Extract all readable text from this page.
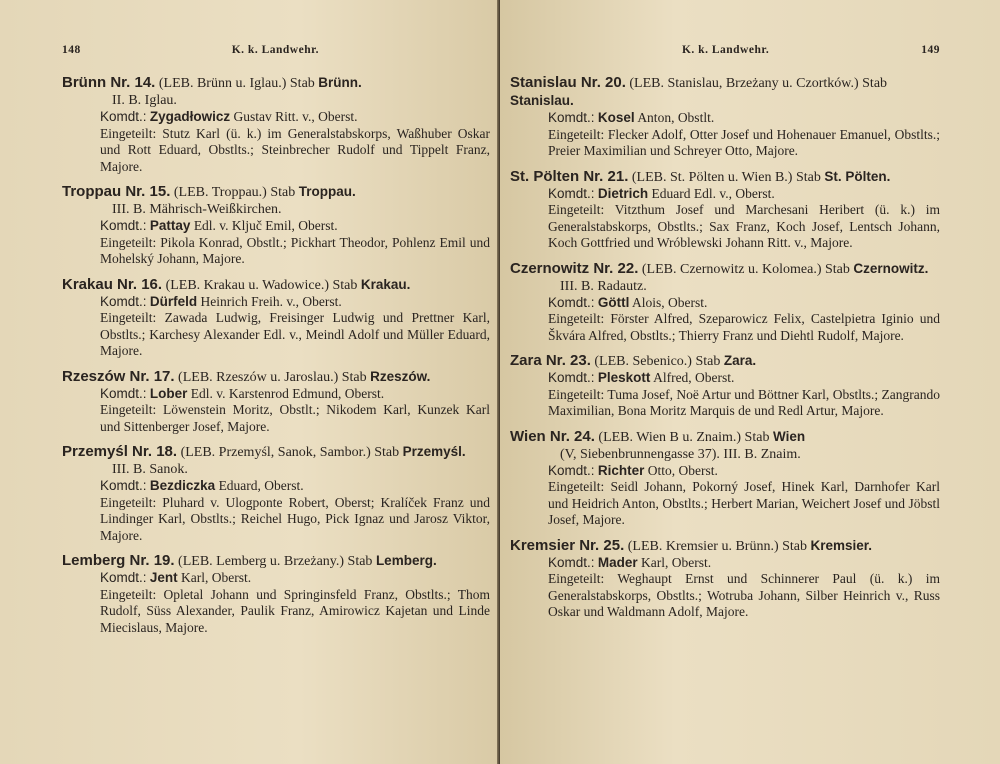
148	K. k. Landwehr.
Brünn Nr. 14. (LEB. Brünn u. Iglau.) Stab Brünn.
II. B. Iglau.
Komdt.: Zygadłowicz Gustav Ritt. v., Oberst.
Eingeteilt: Stutz Karl (ü. k.) im Generalstabskorps, Waßhuber Oskar und Rott Eduard, Obstlts.; Steinbrecher Rudolf und Tippelt Franz, Majore.
Troppau Nr. 15. (LEB. Troppau.) Stab Troppau.
III. B. Mährisch-Weißkirchen.
Komdt.: Pattay Edl. v. Ključ Emil, Oberst.
Eingeteilt: Pikola Konrad, Obstlt.; Pickhart Theodor, Pohlenz Emil und Mohelský Johann, Majore.
Krakau Nr. 16. (LEB. Krakau u. Wadowice.) Stab Krakau.
Komdt.: Dürfeld Heinrich Freih. v., Oberst.
Eingeteilt: Zawada Ludwig, Freisinger Ludwig und Prettner Karl, Obstlts.; Karchesy Alexander Edl. v., Meindl Adolf und Müller Eduard, Majore.
Rzeszów Nr. 17. (LEB. Rzeszów u. Jaroslau.) Stab Rzeszów.
Komdt.: Lober Edl. v. Karstenrod Edmund, Oberst.
Eingeteilt: Löwenstein Moritz, Obstlt.; Nikodem Karl, Kunzek Karl und Sittenberger Josef, Majore.
Przemyśl Nr. 18. (LEB. Przemyśl, Sanok, Sambor.) Stab Przemyśl.
III. B. Sanok.
Komdt.: Bezdiczka Eduard, Oberst.
Eingeteilt: Pluhard v. Ulogponte Robert, Oberst; Kralíček Franz und Lindinger Karl, Obstlts.; Reichel Hugo, Pick Ignaz und Jarosz Viktor, Majore.
Lemberg Nr. 19. (LEB. Lemberg u. Brzeżany.) Stab Lemberg.
Komdt.: Jent Karl, Oberst.
Eingeteilt: Opletal Johann und Springinsfeld Franz, Obstlts.; Thom Rudolf, Süss Alexander, Paulik Franz, Amirowicz Kajetan und Linde Miecislaus, Majore.
K. k. Landwehr.	149
Stanislau Nr. 20. (LEB. Stanislau, Brzeżany u. Czortków.) Stab Stanislau.
Komdt.: Kosel Anton, Obstlt.
Eingeteilt: Flecker Adolf, Otter Josef und Hohenauer Emanuel, Obstlts.; Preier Maximilian und Schreyer Otto, Majore.
St. Pölten Nr. 21. (LEB. St. Pölten u. Wien B.) Stab St. Pölten.
Komdt.: Dietrich Eduard Edl. v., Oberst.
Eingeteilt: Vitzthum Josef und Marchesani Heribert (ü. k.) im Generalstabskorps, Obstlts.; Sax Franz, Koch Josef, Lentsch Johann, Koch Gottfried und Wróblewski Johann Ritt. v., Majore.
Czernowitz Nr. 22. (LEB. Czernowitz u. Kolomea.) Stab Czernowitz.
III. B. Radautz.
Komdt.: Göttl Alois, Oberst.
Eingeteilt: Förster Alfred, Szeparowicz Felix, Castelpietra Iginio und Škvára Alfred, Obstlts.; Thierry Franz und Diehtl Rudolf, Majore.
Zara Nr. 23. (LEB. Sebenico.) Stab Zara.
Komdt.: Pleskott Alfred, Oberst.
Eingeteilt: Tuma Josef, Noë Artur und Böttner Karl, Obstlts.; Zangrando Maximilian, Bona Moritz Marquis de und Redl Artur, Majore.
Wien Nr. 24. (LEB. Wien B u. Znaim.) Stab Wien
(V, Siebenbrunnengasse 37). III. B. Znaim.
Komdt.: Richter Otto, Oberst.
Eingeteilt: Seidl Johann, Pokorný Josef, Hinek Karl, Darnhofer Karl und Heidrich Anton, Obstlts.; Herbert Marian, Weichert Josef und Jöbstl Josef, Majore.
Kremsier Nr. 25. (LEB. Kremsier u. Brünn.) Stab Kremsier.
Komdt.: Mader Karl, Oberst.
Eingeteilt: Weghaupt Ernst und Schinnerer Paul (ü. k.) im Generalstabskorps, Obstlts.; Wotruba Johann, Silber Heinrich v., Russ Oskar und Waldmann Adolf, Majore.
